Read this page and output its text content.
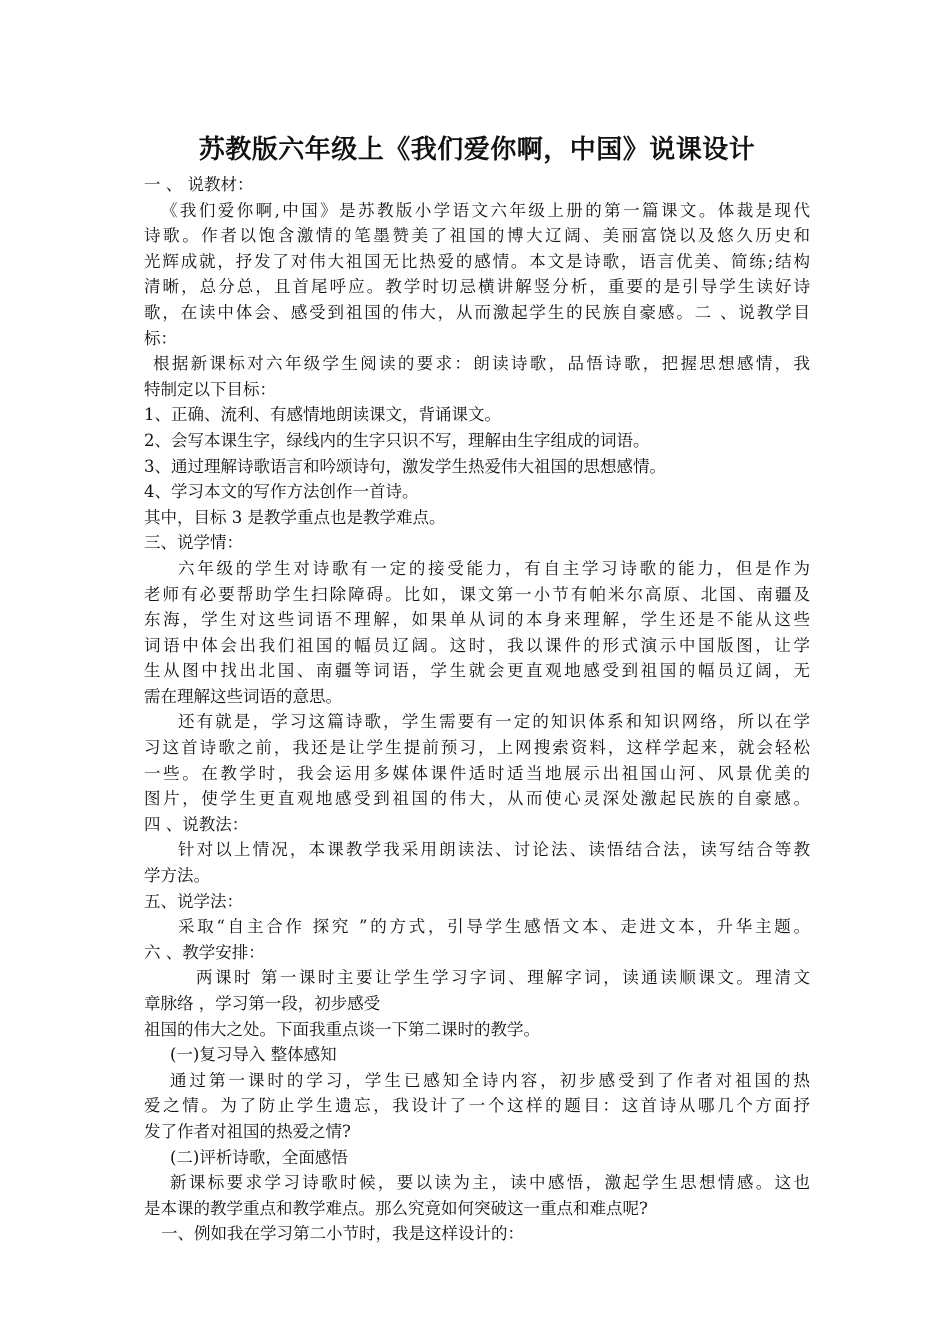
苏教版六年级上《我们爱你啊，中国》说课设计

一 、 说教材：

《我们爱你啊,中国》是苏教版小学语文六年级上册的第一篇课文。体裁是现代

诗歌。作者以饱含激情的笔墨赞美了祖国的博大辽阔、美丽富饶以及悠久历史和

光辉成就，抒发了对伟大祖国无比热爱的感情。本文是诗歌，语言优美、简练;结构

清晰，总分总，且首尾呼应。教学时切忌横讲解竖分析，重要的是引导学生读好诗

歌，在读中体会、感受到祖国的伟大，从而激起学生的民族自豪感。二 、说教学目

标：

根据新课标对六年级学生阅读的要求：朗读诗歌，品悟诗歌，把握思想感情，我

特制定以下目标：

1、正确、流利、有感情地朗读课文，背诵课文。

2、会写本课生字，绿线内的生字只识不写，理解由生字组成的词语。

3、通过理解诗歌语言和吟颂诗句，激发学生热爱伟大祖国的思想感情。

4、学习本文的写作方法创作一首诗。

其中，目标 3 是教学重点也是教学难点。

三、说学情：

六年级的学生对诗歌有一定的接受能力，有自主学习诗歌的能力，但是作为

老师有必要帮助学生扫除障碍。比如，课文第一小节有帕米尔高原、北国、南疆及

东海，学生对这些词语不理解，如果单从词的本身来理解，学生还是不能从这些

词语中体会出我们祖国的幅员辽阔。这时，我以课件的形式演示中国版图，让学

生从图中找出北国、南疆等词语，学生就会更直观地感受到祖国的幅员辽阔，无

需在理解这些词语的意思。

还有就是，学习这篇诗歌，学生需要有一定的知识体系和知识网络，所以在学

习这首诗歌之前，我还是让学生提前预习，上网搜索资料，这样学起来，就会轻松

一些。在教学时，我会运用多媒体课件适时适当地展示出祖国山河、风景优美的

图片，使学生更直观地感受到祖国的伟大，从而使心灵深处激起民族的自豪感。

四 、说教法：

针对以上情况，本课教学我采用朗读法、讨论法、读悟结合法，读写结合等教

学方法。

五、说学法：

采取“自主合作 探究 ”的方式，引导学生感悟文本、走进文本，升华主题。

六 、教学安排：

两课时 第一课时主要让学生学习字词、理解字词，读通读顺课文。理清文

章脉络 ，学习第一段，初步感受

祖国的伟大之处。下面我重点谈一下第二课时的教学。

(一)复习导入 整体感知

通过第一课时的学习，学生已感知全诗内容，初步感受到了作者对祖国的热

爱之情。为了防止学生遗忘，我设计了一个这样的题目：这首诗从哪几个方面抒

发了作者对祖国的热爱之情?

(二)评析诗歌，全面感悟

新课标要求学习诗歌时候，要以读为主，读中感悟，激起学生思想情感。这也

是本课的教学重点和教学难点。那么究竟如何突破这一重点和难点呢?

一、例如我在学习第二小节时，我是这样设计的：
